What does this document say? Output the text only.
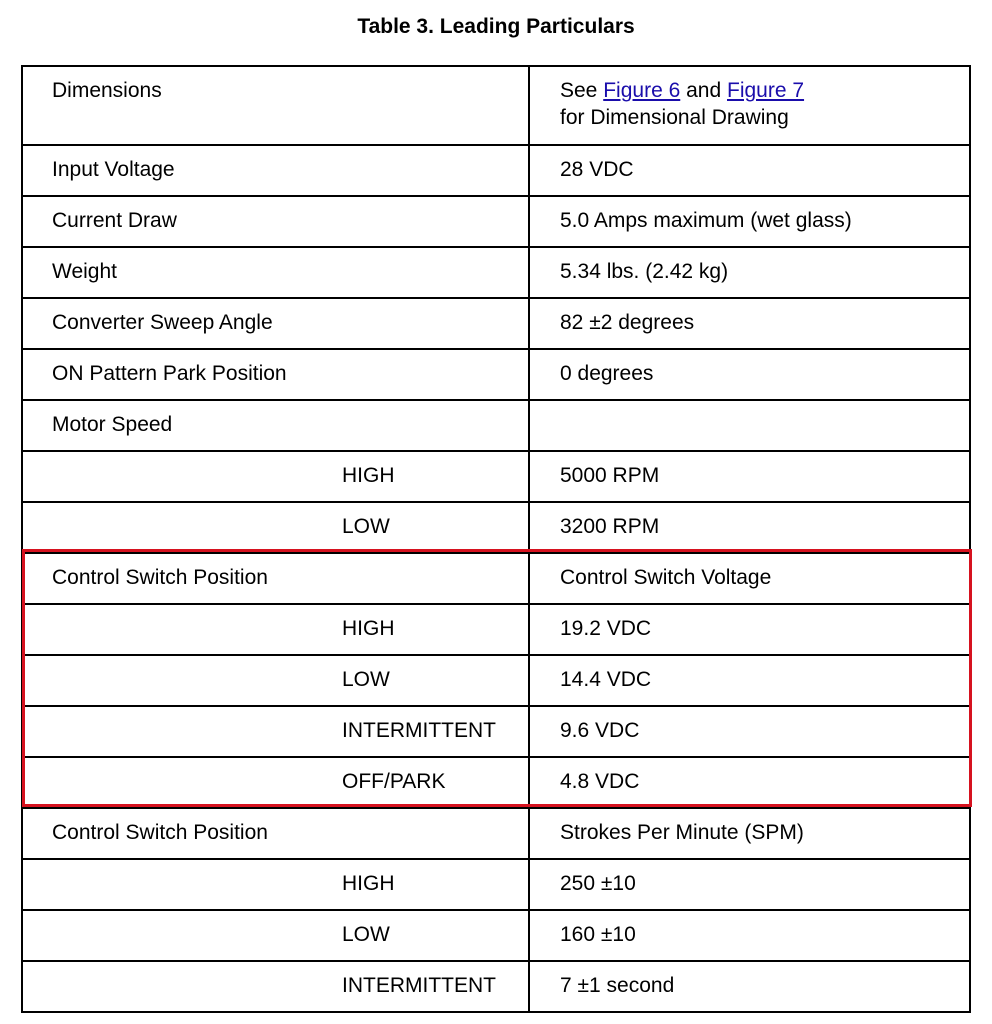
Table 3. Leading Particulars
Dimensions	See Figure 6 and Figure 7
for Dimensional Drawing

Input Voltage	28 VDC

Current Draw	5.0 Amps maximum (wet glass)

Weight	5.34 lbs. (2.42 kg)

Converter Sweep Angle	82 ±2 degrees

ON Pattern Park Position	0 degrees

Motor Speed	

HIGH	5000 RPM

LOW	3200 RPM

Control Switch Position	Control Switch Voltage

HIGH	19.2 VDC

LOW	14.4 VDC

INTERMITTENT	9.6 VDC

OFF/PARK	4.8 VDC

Control Switch Position	Strokes Per Minute (SPM)

HIGH	250 ±10

LOW	160 ±10

INTERMITTENT	7 ±1 second
